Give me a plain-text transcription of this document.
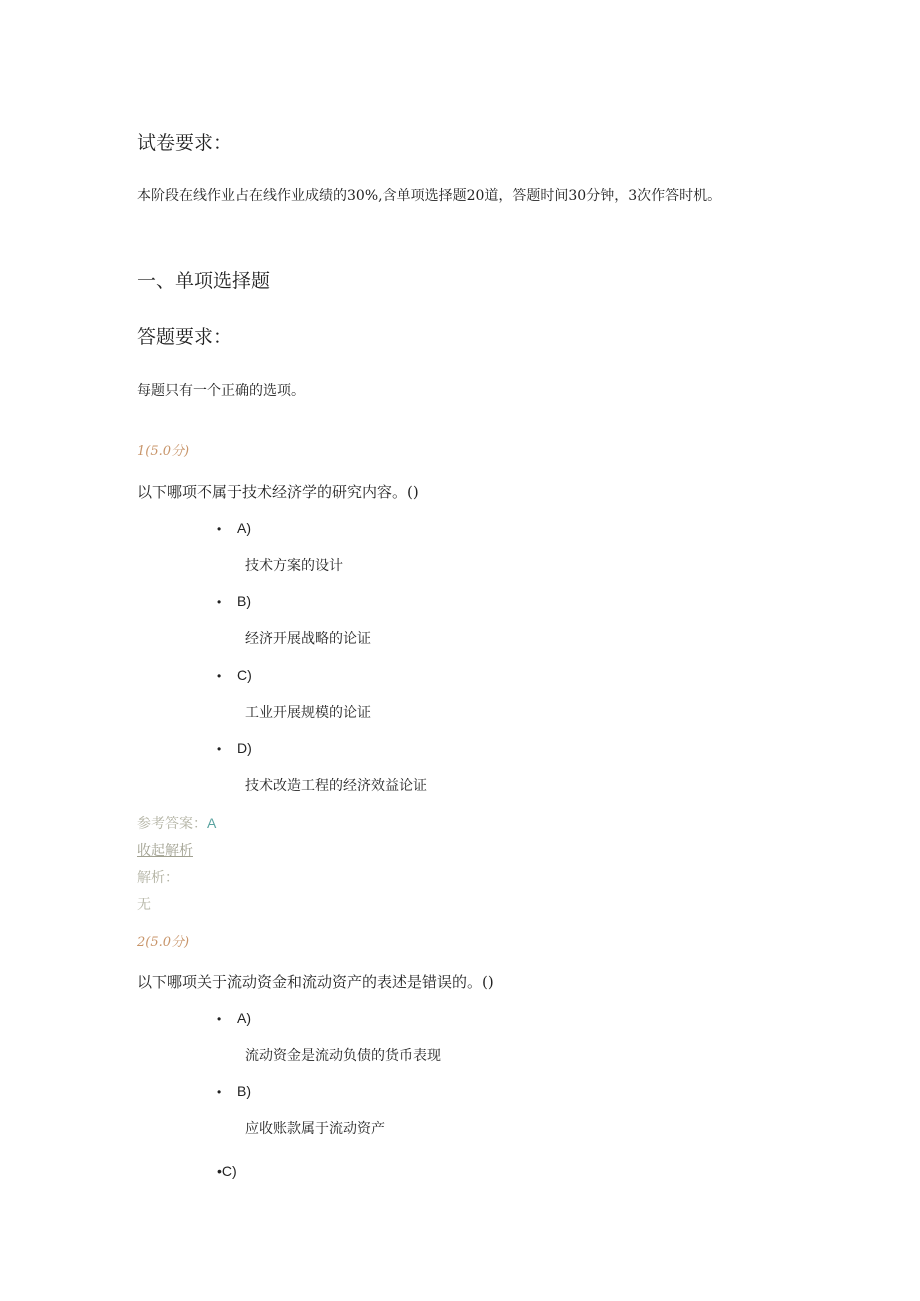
试卷要求：
本阶段在线作业占在线作业成绩的30%,含单项选择题20道，答题时间30分钟，3次作答时机。
一、单项选择题
答题要求：
每题只有一个正确的选项。
1(5.0分)
以下哪项不属于技术经济学的研究内容。()
• A)
技术方案的设计
• B)
经济开展战略的论证
• C)
工业开展规模的论证
• D)
技术改造工程的经济效益论证
参考答案：A
收起解析
解析：
无
2(5.0分)
以下哪项关于流动资金和流动资产的表述是错误的。()
• A)
流动资金是流动负债的货币表现
• B)
应收账款属于流动资产
•C)
